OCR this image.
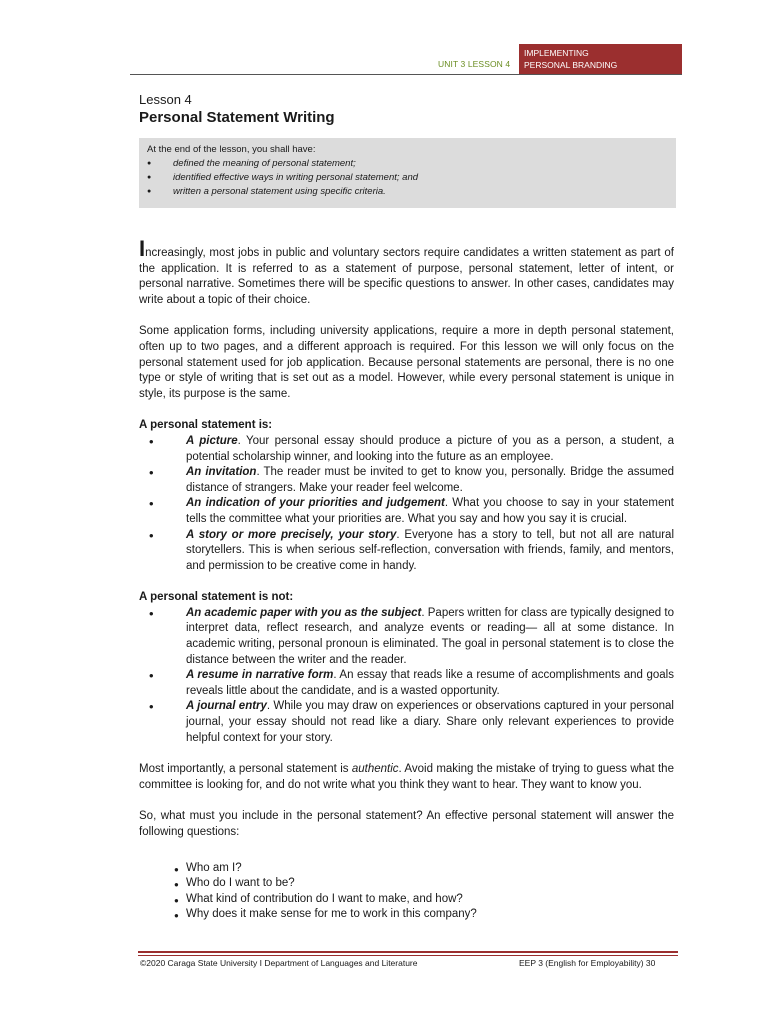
UNIT 3 LESSON 4
IMPLEMENTING
PERSONAL BRANDING
Lesson 4
Personal Statement Writing
At the end of the lesson, you shall have:
● defined the meaning of personal statement;
● identified effective ways in writing personal statement; and
● written a personal statement using specific criteria.

Increasingly, most jobs in public and voluntary sectors require candidates a written statement as part of the application. It is referred to as a statement of purpose, personal statement, letter of intent, or personal narrative. Sometimes there will be specific questions to answer. In other cases, candidates may write about a topic of their choice.

Some application forms, including university applications, require a more in depth personal statement, often up to two pages, and a different approach is required. For this lesson we will only focus on the personal statement used for job application. Because personal statements are personal, there is no one type or style of writing that is set out as a model. However, while every personal statement is unique in style, its purpose is the same.

A personal statement is:
• A picture. Your personal essay should produce a picture of you as a person, a student, a potential scholarship winner, and looking into the future as an employee.
• An invitation. The reader must be invited to get to know you, personally. Bridge the assumed distance of strangers. Make your reader feel welcome.
• An indication of your priorities and judgement. What you choose to say in your statement tells the committee what your priorities are. What you say and how you say it is crucial.
• A story or more precisely, your story. Everyone has a story to tell, but not all are natural storytellers. This is when serious self-reflection, conversation with friends, family, and mentors, and permission to be creative come in handy.
A personal statement is not:
• An academic paper with you as the subject. Papers written for class are typically designed to interpret data, reflect research, and analyze events or reading— all at some distance. In academic writing, personal pronoun is eliminated. The goal in personal statement is to close the distance between the writer and the reader.
• A resume in narrative form. An essay that reads like a resume of accomplishments and goals reveals little about the candidate, and is a wasted opportunity.
• A journal entry. While you may draw on experiences or observations captured in your personal journal, your essay should not read like a diary. Share only relevant experiences to provide helpful context for your story.

Most importantly, a personal statement is authentic. Avoid making the mistake of trying to guess what the committee is looking for, and do not write what you think they want to hear. They want to know you.

So, what must you include in the personal statement? An effective personal statement will answer the following questions:

● Who am I?
● Who do I want to be?
● What kind of contribution do I want to make, and how?
● Why does it make sense for me to work in this company?
©2020 Caraga State University I Department of Languages and Literature	EEP 3 (English for Employability) 30
